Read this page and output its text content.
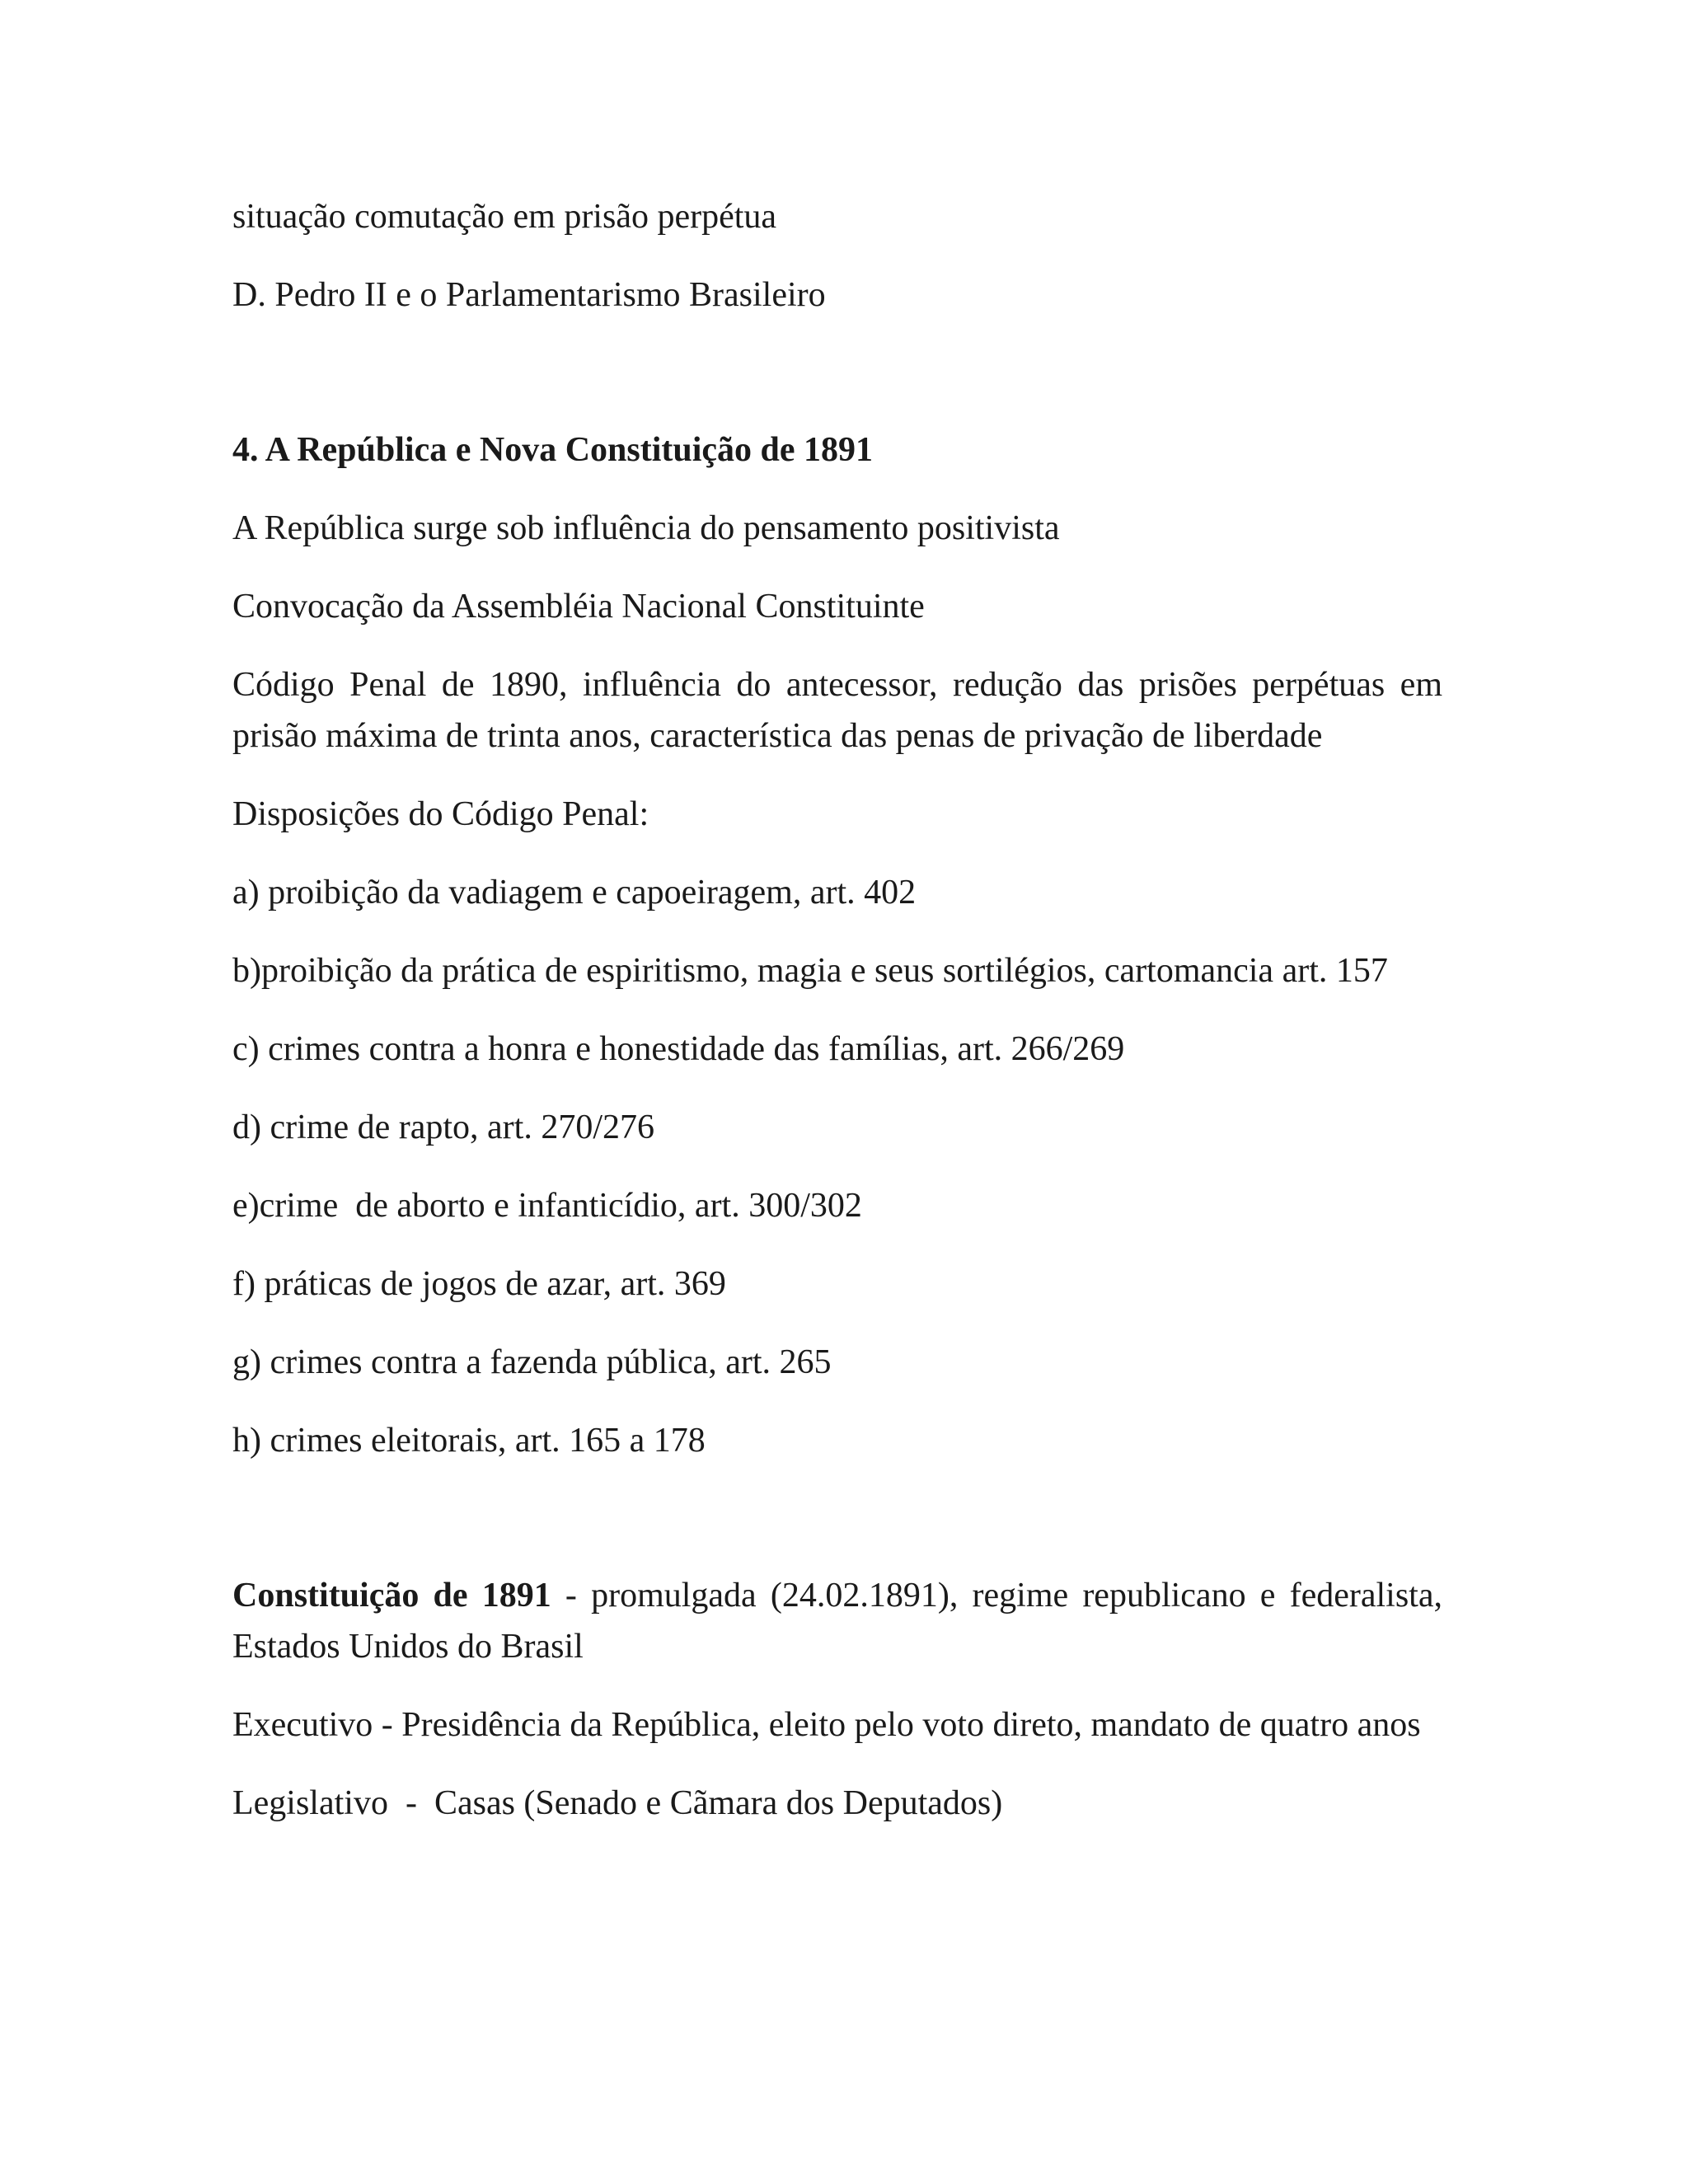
situação comutação em prisão perpétua

D. Pedro II e o Parlamentarismo Brasileiro

4. A República e Nova Constituição de 1891

A República surge sob influência do pensamento positivista

Convocação da Assembléia Nacional Constituinte

Código Penal de 1890, influência do antecessor, redução das prisões perpétuas em prisão máxima de trinta anos, característica das penas de privação de liberdade

Disposições do Código Penal:

a) proibição da vadiagem e capoeiragem, art. 402

b)proibição da prática de espiritismo, magia e seus sortilégios, cartomancia art. 157

c) crimes contra a honra e honestidade das famílias, art. 266/269

d) crime de rapto, art. 270/276

e)crime  de aborto e infanticídio, art. 300/302

f) práticas de jogos de azar, art. 369

g) crimes contra a fazenda pública, art. 265

h) crimes eleitorais, art. 165 a 178

Constituição de 1891 - promulgada (24.02.1891), regime republicano e federalista, Estados Unidos do Brasil

Executivo - Presidência da República, eleito pelo voto direto, mandato de quatro anos

Legislativo  -  Casas (Senado e Cãmara dos Deputados)
